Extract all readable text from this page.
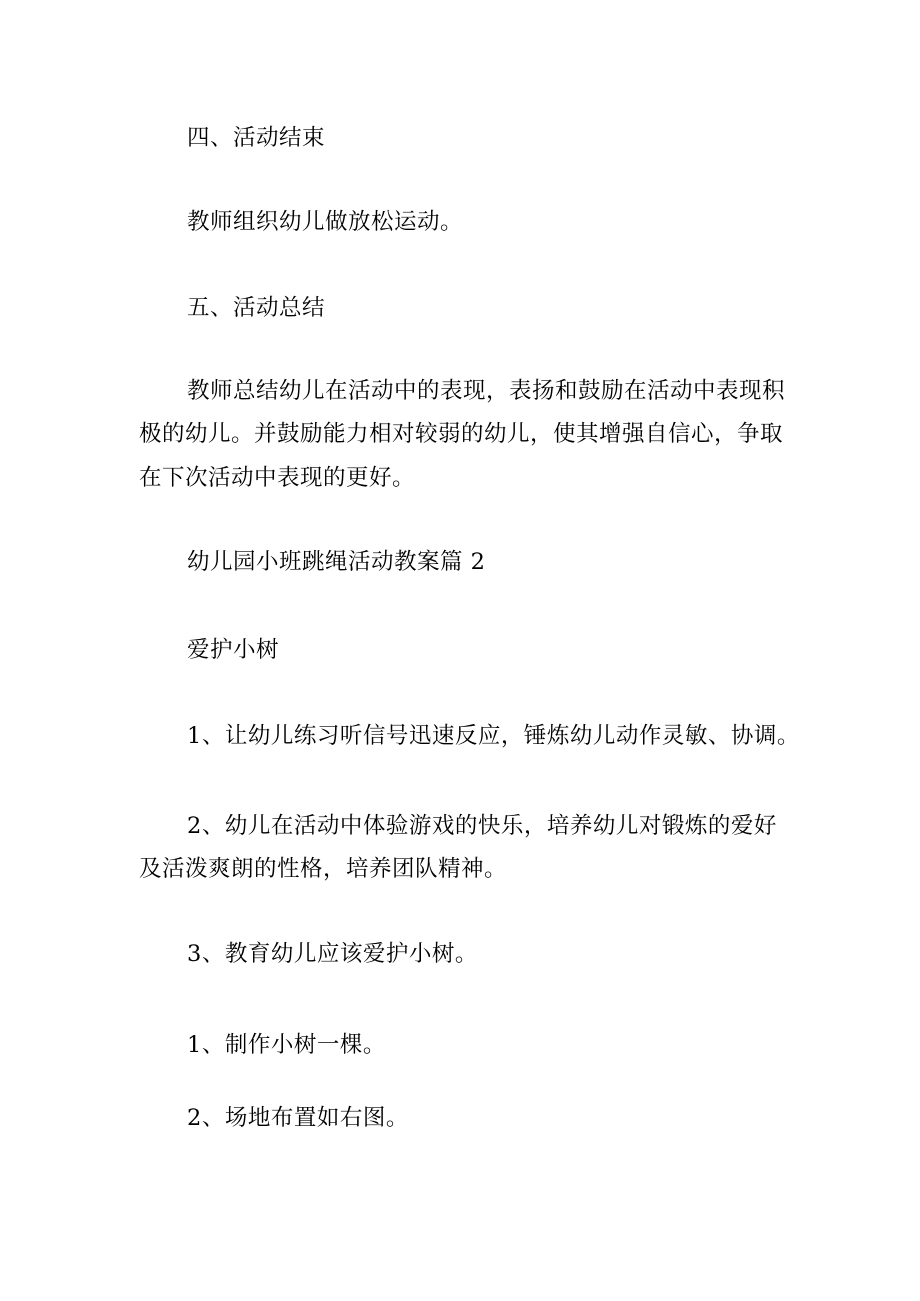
四、活动结束
教师组织幼儿做放松运动。
五、活动总结
教师总结幼儿在活动中的表现，表扬和鼓励在活动中表现积
极的幼儿。并鼓励能力相对较弱的幼儿，使其增强自信心，争取
在下次活动中表现的更好。
幼儿园小班跳绳活动教案篇 2
爱护小树
1、让幼儿练习听信号迅速反应，锤炼幼儿动作灵敏、协调。
2、幼儿在活动中体验游戏的快乐，培养幼儿对锻炼的爱好
及活泼爽朗的性格，培养团队精神。
3、教育幼儿应该爱护小树。
1、制作小树一棵。
2、场地布置如右图。
